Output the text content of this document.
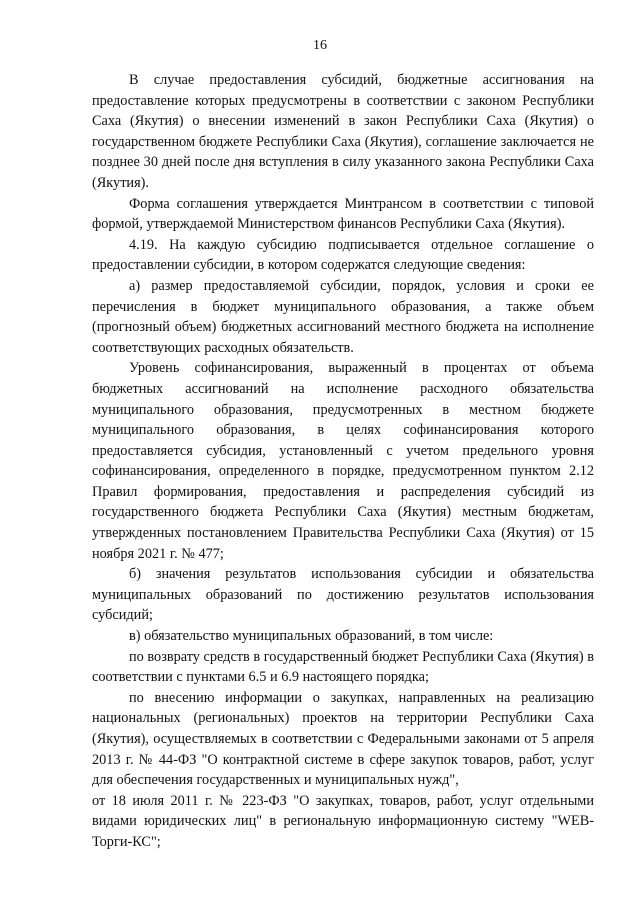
16

В случае предоставления субсидий, бюджетные ассигнования на предоставление которых предусмотрены в соответствии с законом Республики Саха (Якутия) о внесении изменений в закон Республики Саха (Якутия) о государственном бюджете Республики Саха (Якутия), соглашение заключается не позднее 30 дней после дня вступления в силу указанного закона Республики Саха (Якутия).

Форма соглашения утверждается Минтрансом в соответствии с типовой формой, утверждаемой Министерством финансов Республики Саха (Якутия).

4.19. На каждую субсидию подписывается отдельное соглашение о предоставлении субсидии, в котором содержатся следующие сведения:

а) размер предоставляемой субсидии, порядок, условия и сроки ее перечисления в бюджет муниципального образования, а также объем (прогнозный объем) бюджетных ассигнований местного бюджета на исполнение соответствующих расходных обязательств.

Уровень софинансирования, выраженный в процентах от объема бюджетных ассигнований на исполнение расходного обязательства муниципального образования, предусмотренных в местном бюджете муниципального образования, в целях софинансирования которого предоставляется субсидия, установленный с учетом предельного уровня софинансирования, определенного в порядке, предусмотренном пунктом 2.12 Правил формирования, предоставления и распределения субсидий из государственного бюджета Республики Саха (Якутия) местным бюджетам, утвержденных постановлением Правительства Республики Саха (Якутия) от 15 ноября 2021 г. № 477;

б) значения результатов использования субсидии и обязательства муниципальных образований по достижению результатов использования субсидий;

в) обязательство муниципальных образований, в том числе:

по возврату средств в государственный бюджет Республики Саха (Якутия) в соответствии с пунктами 6.5 и 6.9 настоящего порядка;

по внесению информации о закупках, направленных на реализацию национальных (региональных) проектов на территории Республики Саха (Якутия), осуществляемых в соответствии с Федеральными законами от 5 апреля 2013 г. № 44-ФЗ "О контрактной системе в сфере закупок товаров, работ, услуг для обеспечения государственных и муниципальных нужд",

от 18 июля 2011 г. № 223-ФЗ "О закупках, товаров, работ, услуг отдельными видами юридических лиц" в региональную информационную систему "WEB-Торги-КС";
